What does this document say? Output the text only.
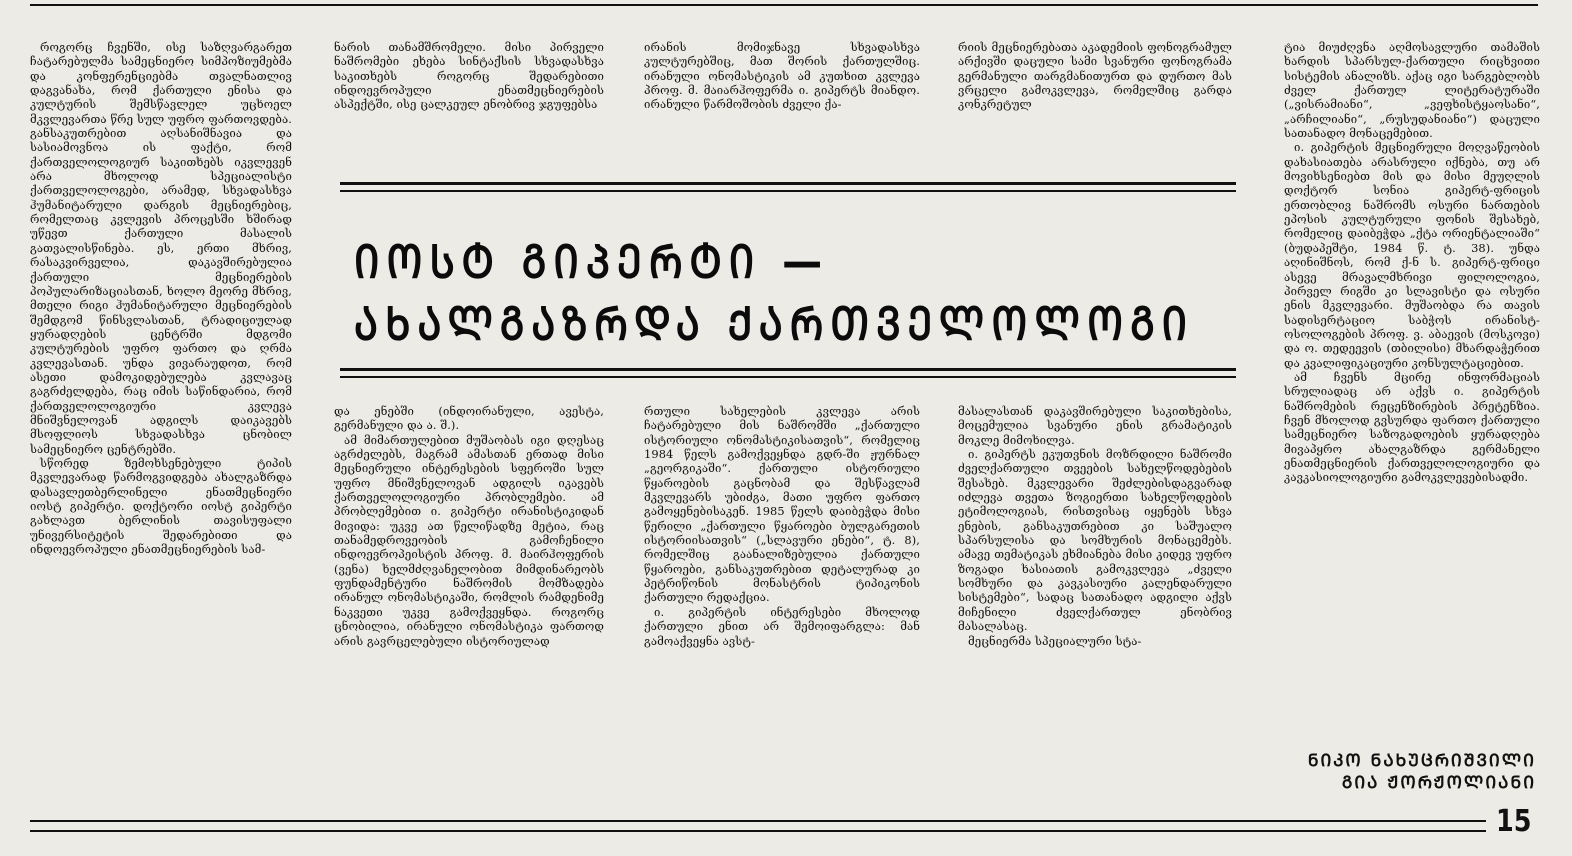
როგორც ჩვენში, ისე საზღვარგარეთ ჩატარებულმა სამეცნიერო სიმპოზიუმებმა და კონფერენციებმა თვალნათლივ დაგვანახა, რომ ქართული ენისა და კულტურის შემსწავლელ უცხოელ მკვლევართა წრე სულ უფრო ფართოვდება. განსაკუთრებით აღსანიშნავია და სასიამოვნოა ის ფაქტი, რომ ქართველოლოგიურ საკითხებს იკვლევენ არა მხოლოდ სპეციალისტი ქართველოლოგები, არამედ, სხვადასხვა ჰუმანიტარული დარგის მეცნიერებიც, რომელთაც კვლევის პროცესში ხშირად უწევთ ქართული მასალის გათვალისწინება. ეს, ერთი მხრივ, რასაკვირველია, დაკავშირებულია ქართული მეცნიერების პოპულარიზაციასთან, ხოლო მეორე მხრივ, მთელი რიგი ჰუმანიტარული მეცნიერების შემდგომ წინსვლასთან, ტრადიციულად ყურადღების ცენტრში მდგომი კულტურების უფრო ფართო და ღრმა კვლევასთან. უნდა ვივარაუდოთ, რომ ასეთი დამოკიდებულება კვლავაც გაგრძელდება, რაც იმის საწინდარია, რომ ქართველოლოგიური კვლევა მნიშვნელოვან ადგილს დაიკავებს მსოფლიოს სხვადასხვა ცნობილ სამეცნიერო ცენტრებში.

სწორედ ზემოხსენებული ტიპის მკვლევარად წარმოგვიდგება ახალგაზრდა დასავლეთბერლინელი ენათმეცნიერი იოსტ გიპერტი. დოქტორი იოსტ გიპერტი გახლავთ ბერლინის თავისუფალი უნივერსიტეტის შედარებითი და ინდოევროპული ენათმეცნიერების სამ-

ნარის თანამშრომელი. მისი პირველი ნაშრომები ეხება სინტაქსის სხვადასხვა საკითხებს როგორც შედარებითი ინდოევროპული ენათმეცნიერების ასპექტში, ისე ცალკეულ ენობრივ ჯგუფებსა

ირანის მომიჯნავე სხვადასხვა კულტურებშიც, მათ შორის ქართულშიც. ირანული ონომასტიკის ამ კუთხით კვლევა პროფ. მ. მაიარჰოფერმა ი. გიპერტს მიანდო. ირანული წარმოშობის ძველი ქა-

რიის მეცნიერებათა აკადემიის ფონოგრამულ არქივში დაცული სამი სვანური ფონოგრამა გერმანული თარგმანითურთ და დურთო მას ვრცელი გამოკვლევა, რომელშიც გარდა კონკრეტულ

ტია მიუძღვნა აღმოსავლური თამაშის ხარდის სპარსულ-ქართული რიცხვითი სისტემის ანალიზს. აქაც იგი სარგებლობს ძველ ქართულ ლიტერატურაში („ვისრამიანი“, „ვეფხისტყაოსანი“, „არჩილიანი“, „რუსუდანიანი“) დაცული სათანადო მონაცემებით.

ი. გიპერტის მეცნიერული მოღვაწეობის დახასიათება არასრული იქნება, თუ არ მოვიხსენიებთ მის და მისი მეუღლის დოქტორ სონია გიპერტ-ფრიცის ერთობლივ ნაშრომს ოსური ნართების ეპოსის კულტურული ფონის შესახებ, რომელიც დაიბეჭდა „ქტა ორიენტალიაში“ (ბუდაპეშტი, 1984 წ. ტ. 38). უნდა აღინიშნოს, რომ ქ-ნ ს. გიპერტ-ფრიცი ასევე მრავალმხრივი ფილოლოგია, პირველ რიგში კი სლავისტი და ოსური ენის მკვლევარი. მუშაობდა რა თავის სადისერტაციო საბჭოს ირანისტ-ოსოლოგების პროფ. ვ. აბაევის (მოსკოვი) და ო. თედეევის (თბილისი) მხარდაჭერით და კვალიფიკაციური კონსულტაციებით.

ამ ჩვენს მცირე ინფორმაციას სრულიადაც არ აქვს ი. გიპერტის ნაშრომების რეცენზირების პრეტენზია. ჩვენ მხოლოდ გვსურდა ფართო ქართული სამეცნიერო საზოგადოების ყურადღება მივაპყრო ახალგაზრდა გერმანელი ენათმეცნიერის ქართველოლოგიური და კავკასიოლოგიური გამოკვლევებისადმი.

ᲘᲝᲡᲢ ᲒᲘᲞᲔᲠᲢᲘ —
ᲐᲮᲐᲚᲒᲐᲖᲠᲓᲐ ᲥᲐᲠᲗᲕᲔᲚᲝᲚᲝᲒᲘ

და ენებში (ინდოირანული, ავესტა, გერმანული და ა. შ.).

ამ მიმართულებით მუშაობას იგი დღესაც აგრძელებს, მაგრამ ამასთან ერთად მისი მეცნიერული ინტერესების სფეროში სულ უფრო მნიშვნელოვან ადგილს იკავებს ქართველოლოგიური პრობლემები. ამ პრობლემებით ი. გიპერტი ირანისტიკიდან მივიდა: უკვე ათ წელიწადზე მეტია, რაც თანამედროვეობის გამოჩენილი ინდოევროპეისტის პროფ. მ. მაირჰოფერის (ვენა) ხელმძღვანელობით მიმდინარეობს ფუნდამენტური ნაშრომის მომზადება ირანულ ონომასტიკაში, რომლის რამდენიმე ნაკვეთი უკვე გამოქვეყნდა. როგორც ცნობილია, ირანული ონომასტიკა ფართოდ არის გავრცელებული ისტორიულად

რთული სახელების კვლევა არის ჩატარებული მის ნაშრომში „ქართული ისტორიული ონომასტიკისათვის“, რომელიც 1984 წელს გამოქვეყნდა გდრ-ში ჟურნალ „გეორგიკაში“. ქართული ისტორიული წყაროების გაცნობამ და შესწავლამ მკვლევარს უბიძგა, მათი უფრო ფართო გამოყენებისაკენ. 1985 წელს დაიბეჭდა მისი წერილი „ქართული წყაროები ბულგარეთის ისტორიისათვის“ („სლავური ენები“, ტ. 8), რომელშიც გაანალიზებულია ქართული წყაროები, განსაკუთრებით დეტალურად კი პეტრიწონის მონასტრის ტიპიკონის ქართული რედაქცია.

ი. გიპერტის ინტერესები მხოლოდ ქართული ენით არ შემოიფარგლა: მან გამოაქვეყნა ავსტ-

მასალასთან დაკავშირებული საკითხებისა, მოცემულია სვანური ენის გრამატიკის მოკლე მიმოხილვა.

ი. გიპერტს ეკუთვნის მოზრდილი ნაშრომი ძველქართული თვეების სახელწოდებების შესახებ. მკვლევარი შეძლებისდაგვარად იძლევა თვეთა ზოგიერთი სახელწოდების ეტიმოლოგიას, რისთვისაც იყენებს სხვა ენების, განსაკუთრებით კი საშუალო სპარსულისა და სომხურის მონაცემებს. ამავე თემატიკას ეხმიანება მისი კიდევ უფრო ზოგადი ხასიათის გამოკვლევა „ძველი სომხური და კავკასიური კალენდარული სისტემები“, სადაც სათანადო ადგილი აქვს მიჩენილი ძველქართულ ენობრივ მასალასაც.

მეცნიერმა სპეციალური სტა-

ᲜᲘᲙᲝ ᲜᲐᲮᲣᲪᲠᲘᲨᲕᲘᲚᲘ
ᲒᲘᲐ ᲟᲝᲠᲟᲝᲚᲘᲐᲜᲘ
15
